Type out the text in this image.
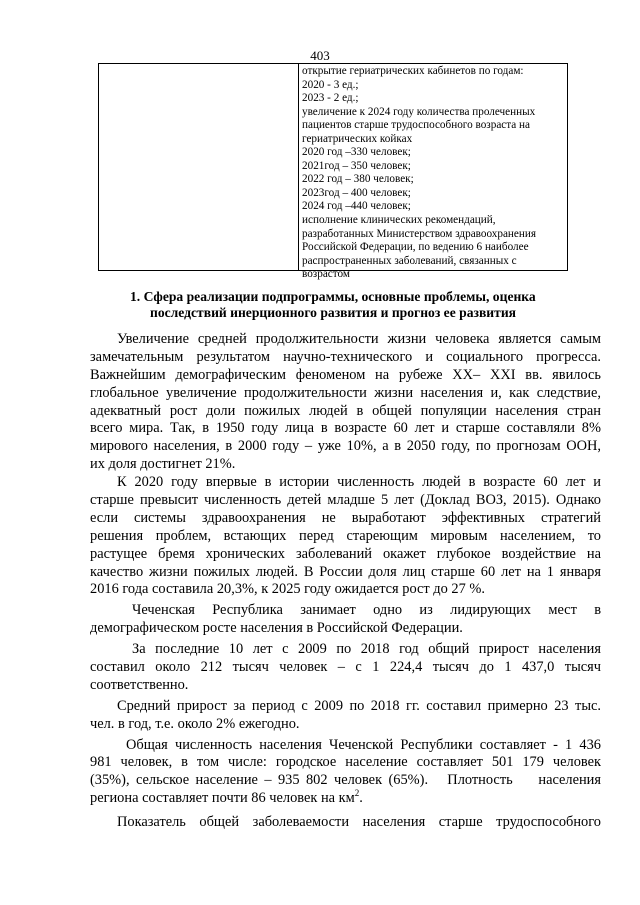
403
открытие гериатрических кабинетов по годам:
2020 - 3 ед.;
2023 - 2 ед.;
увеличение к 2024 году количества пролеченных
пациентов старше трудоспособного возраста на
гериатрических койках
2020 год –330 человек;
2021год – 350 человек;
2022 год – 380 человек;
2023год – 400 человек;
2024 год –440 человек;
исполнение клинических рекомендаций,
разработанных Министерством здравоохранения
Российской Федерации, по ведению 6 наиболее
распространенных заболеваний, связанных с
возрастом
1. Сфера реализации подпрограммы, основные проблемы, оценка
последствий инерционного развития и прогноз ее развития
Увеличение средней продолжительности жизни человека является самым
замечательным результатом научно-технического и социального прогресса.
Важнейшим демографическим феноменом на рубеже XX– XXI вв. явилось
глобальное увеличение продолжительности жизни населения и, как следствие,
адекватный рост доли пожилых людей в общей популяции населения стран
всего мира. Так, в 1950 году лица в возрасте 60 лет и старше составляли 8%
мирового населения, в 2000 году – уже 10%, а в 2050 году, по прогнозам ООН,
их доля достигнет 21%.
К 2020 году впервые в истории численность людей в возрасте 60 лет и
старше превысит численность детей младше 5 лет (Доклад ВОЗ, 2015). Однако
если системы здравоохранения не выработают эффективных стратегий
решения проблем, встающих перед стареющим мировым населением, то
растущее бремя хронических заболеваний окажет глубокое воздействие на
качество жизни пожилых людей. В России доля лиц старше 60 лет на 1 января
2016 года составила 20,3%, к 2025 году ожидается рост до 27 %.
Чеченская Республика занимает одно из лидирующих мест в
демографическом росте населения в Российской Федерации.
За последние 10 лет с 2009 по 2018 год общий прирост населения
составил около 212 тысяч человек – с 1 224,4 тысяч до 1 437,0 тысяч
соответственно.
Средний прирост за период с 2009 по 2018 гг. составил примерно 23 тыс.
чел. в год, т.е. около 2% ежегодно.
Общая численность населения Чеченской Республики составляет - 1 436
981 человек, в том числе: городское население составляет 501 179 человек
(35%), сельское население – 935 802 человек (65%).   Плотность    населения
региона составляет почти 86 человек на $км^2$.
Показатель общей заболеваемости населения старше трудоспособного
